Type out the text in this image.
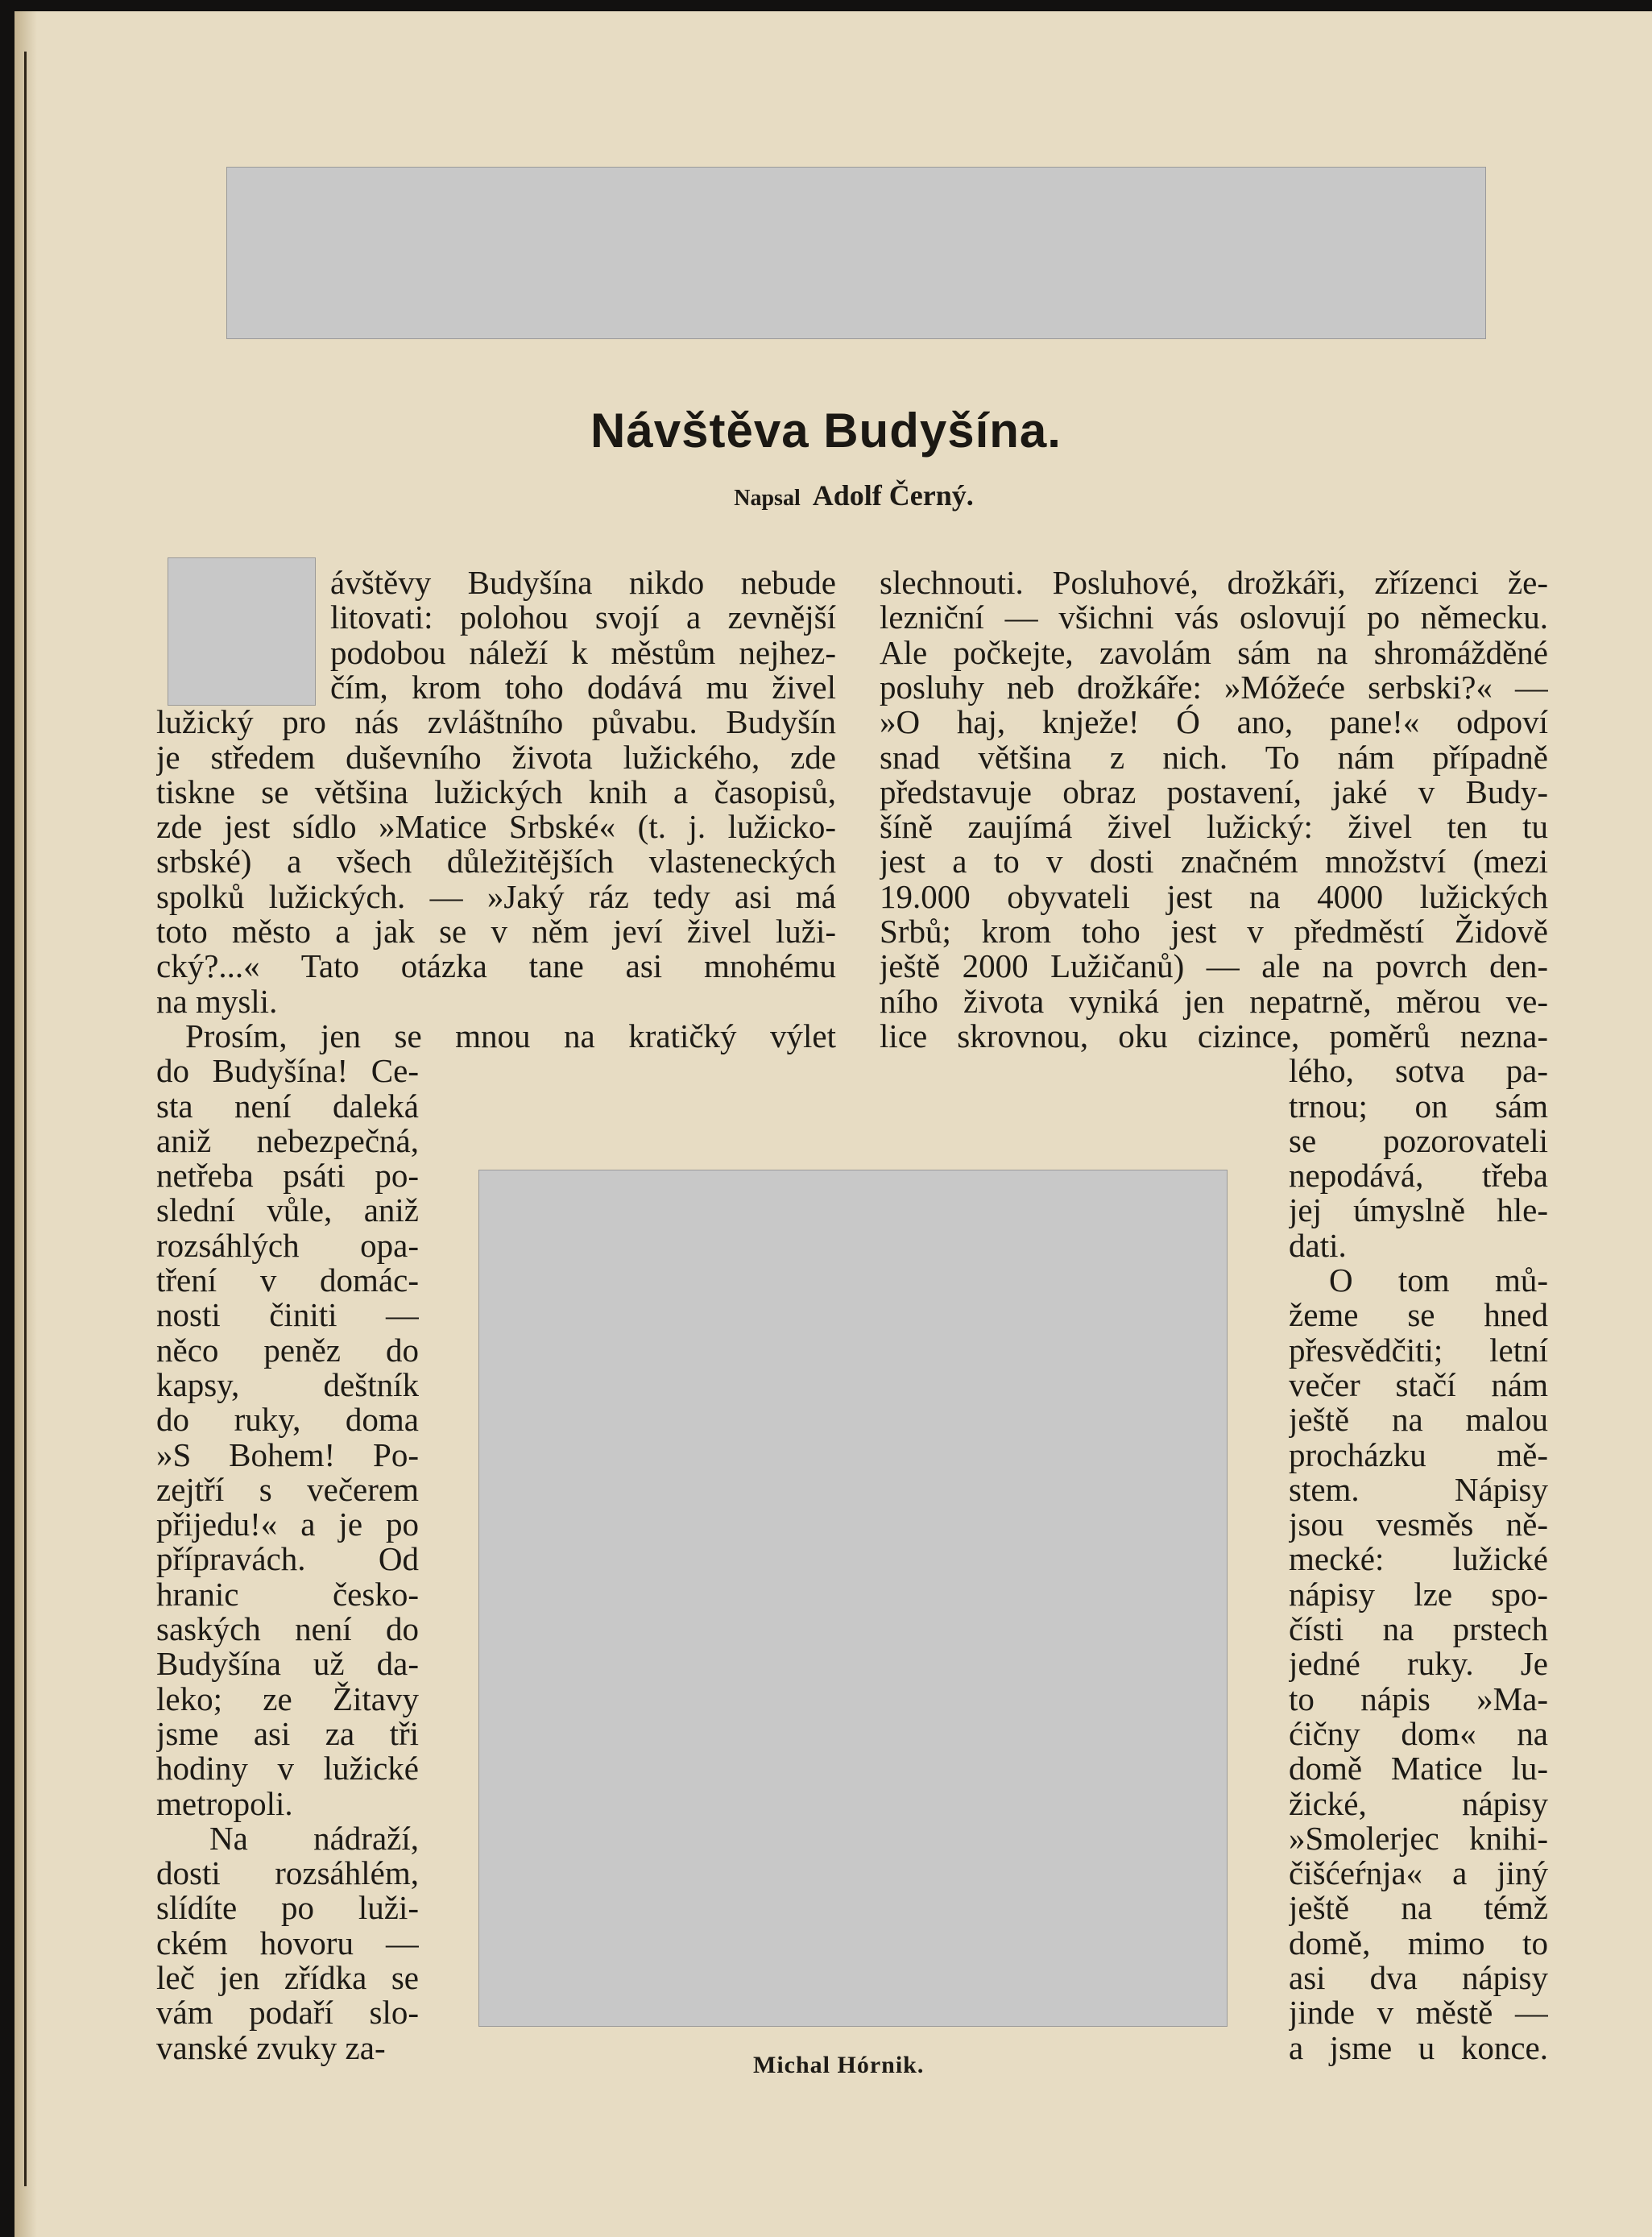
Návštěva Budyšína.
Napsal Adolf Černý.
ávštěvy Budyšína nikdo nebude
litovati: polohou svojí a zevnější
podobou náleží k městům nejhez-
čím, krom toho dodává mu živel
lužický pro nás zvláštního půvabu. Budyšín
je středem duševního života lužického, zde
tiskne se většina lužických knih a časopisů,
zde jest sídlo »Matice Srbské« (t. j. lužicko-
srbské) a všech důležitějších vlasteneckých
spolků lužických. — »Jaký ráz tedy asi má
toto město a jak se v něm jeví živel luži-
cký?...« Tato otázka tane asi mnohému
na mysli.
Prosím, jen se mnou na kratičký výlet
do Budyšína! Ce-
sta není daleká
aniž nebezpečná,
netřeba psáti po-
slední vůle, aniž
rozsáhlých opa-
tření v domác-
nosti činiti —
něco peněz do
kapsy, deštník
do ruky, doma
»S Bohem! Po-
zejtří s večerem
přijedu!« a je po
přípravách. Od
hranic česko-
saských není do
Budyšína už da-
leko; ze Žitavy
jsme asi za tři
hodiny v lužické
metropoli.
Na nádraží,
dosti rozsáhlém,
slídíte po luži-
ckém hovoru —
leč jen zřídka se
vám podaří slo-
vanské zvuky za-
slechnouti. Posluhové, drožkáři, zřízenci že-
lezniční — všichni vás oslovují po německu.
Ale počkejte, zavolám sám na shromážděné
posluhy neb drožkáře: »Móžeće serbski?« —
»O haj, knježe! Ó ano, pane!« odpoví
snad většina z nich. To nám případně
představuje obraz postavení, jaké v Budy-
šíně zaujímá živel lužický: živel ten tu
jest a to v dosti značném množství (mezi
19.000 obyvateli jest na 4000 lužických
Srbů; krom toho jest v předměstí Židově
ještě 2000 Lužičanů) — ale na povrch den-
ního života vyniká jen nepatrně, měrou ve-
lice skrovnou, oku cizince, poměrů nezna-
lého, sotva pa-
trnou; on sám
se pozorovateli
nepodává, třeba
jej úmyslně hle-
dati.
O tom mů-
žeme se hned
přesvědčiti; letní
večer stačí nám
ještě na malou
procházku mě-
stem. Nápisy
jsou vesměs ně-
mecké: lužické
nápisy lze spo-
čísti na prstech
jedné ruky. Je
to nápis »Ma-
ćičny dom« na
domě Matice lu-
žické, nápisy
»Smolerjec knihi-
čišćeŕnja« a jiný
ještě na témž
domě, mimo to
asi dva nápisy
jinde v městě —
a jsme u konce.
Michal Hórnik.
